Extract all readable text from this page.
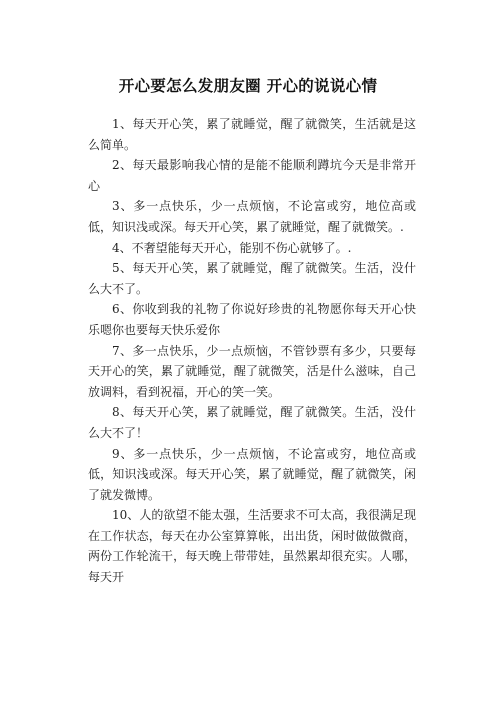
开心要怎么发朋友圈 开心的说说心情

1、每天开心笑，累了就睡觉，醒了就微笑，生活就是这么简单。

2、每天最影响我心情的是能不能顺利蹲坑今天是非常开心

3、多一点快乐，少一点烦恼，不论富或穷，地位高或低，知识浅或深。每天开心笑，累了就睡觉，醒了就微笑。.

4、不奢望能每天开心，能别不伤心就够了。.

5、每天开心笑，累了就睡觉，醒了就微笑。生活，没什么大不了。

6、你收到我的礼物了你说好珍贵的礼物愿你每天开心快乐嗯你也要每天快乐爱你

7、多一点快乐，少一点烦恼，不管钞票有多少，只要每天开心的笑，累了就睡觉，醒了就微笑，活是什么滋味，自己放调料，看到祝福，开心的笑一笑。

8、每天开心笑，累了就睡觉，醒了就微笑。生活，没什么大不了！

9、多一点快乐，少一点烦恼，不论富或穷，地位高或低，知识浅或深。每天开心笑，累了就睡觉，醒了就微笑，闲了就发微博。

10、人的欲望不能太强，生活要求不可太高，我很满足现在工作状态，每天在办公室算算帐，出出货，闲时做做微商，两份工作轮流干，每天晚上带带娃，虽然累却很充实。人哪，每天开
